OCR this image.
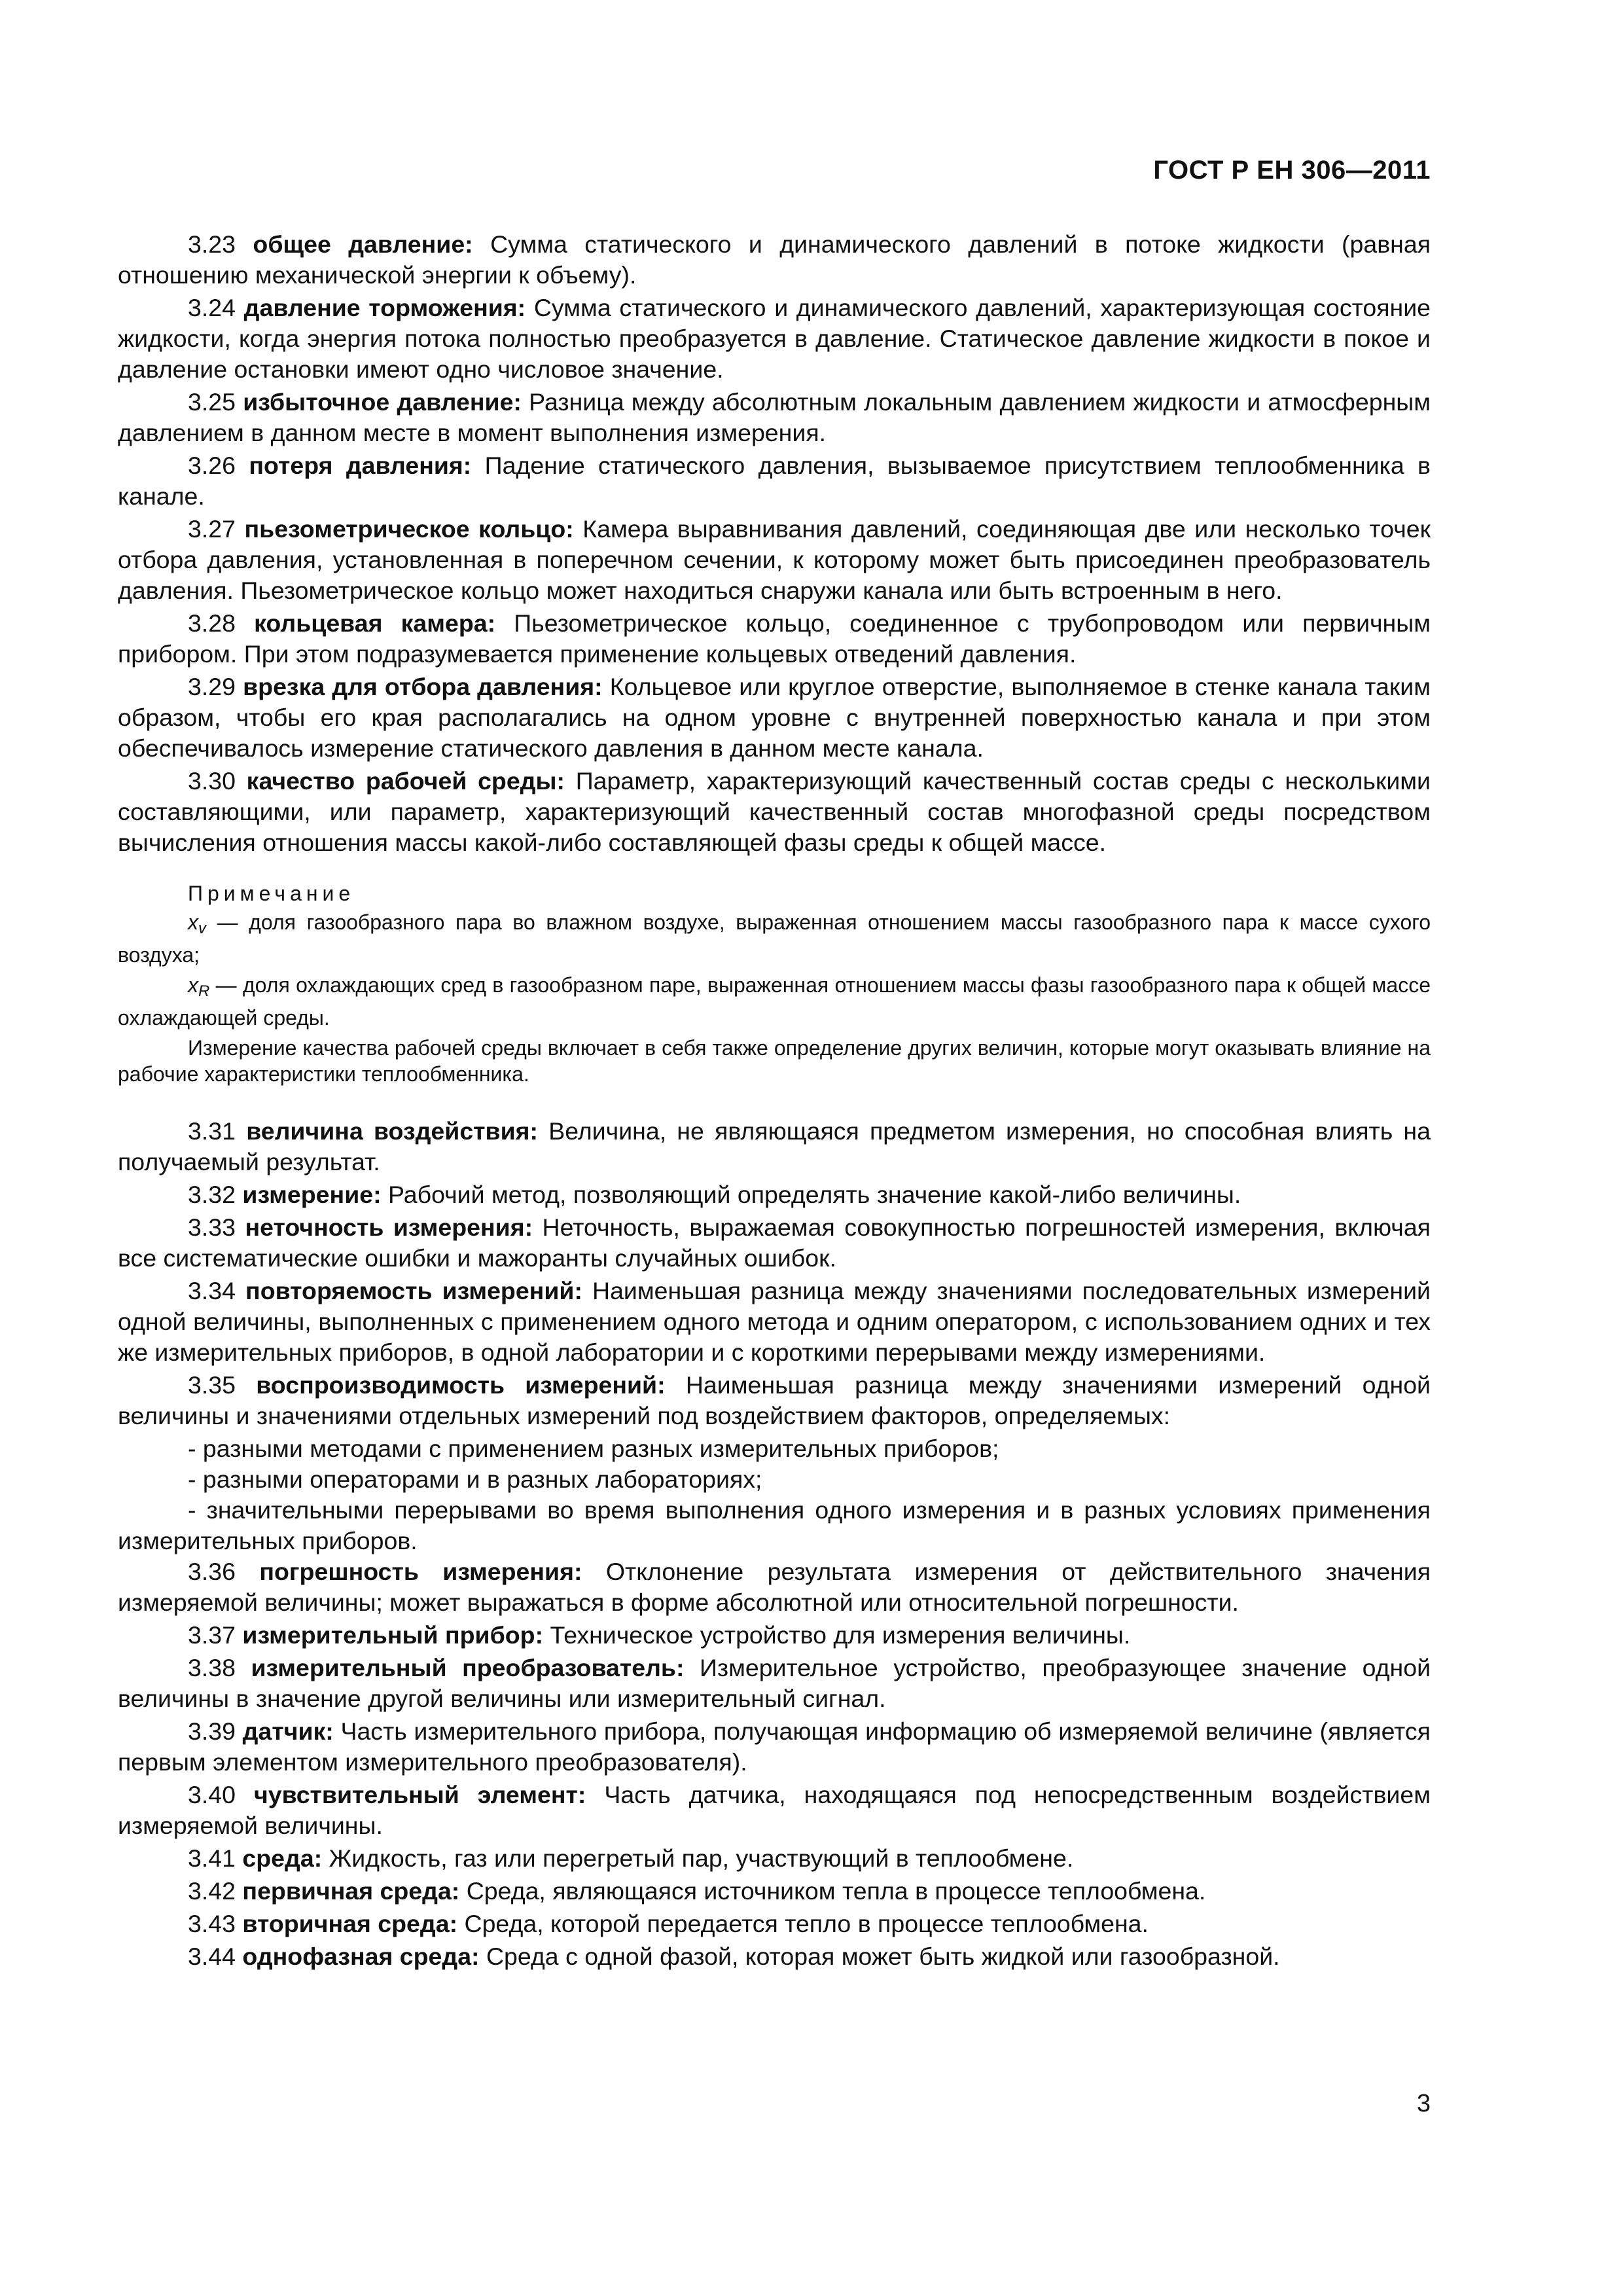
ГОСТ Р ЕН 306—2011

3.23 общее давление: Сумма статического и динамического давлений в потоке жидкости (равная отношению механической энергии к объему).

3.24 давление торможения: Сумма статического и динамического давлений, характеризующая состояние жидкости, когда энергия потока полностью преобразуется в давление. Статическое давление жидкости в покое и давление остановки имеют одно числовое значение.

3.25 избыточное давление: Разница между абсолютным локальным давлением жидкости и атмосферным давлением в данном месте в момент выполнения измерения.

3.26 потеря давления: Падение статического давления, вызываемое присутствием теплообменника в канале.

3.27 пьезометрическое кольцо: Камера выравнивания давлений, соединяющая две или несколько точек отбора давления, установленная в поперечном сечении, к которому может быть присоединен преобразователь давления. Пьезометрическое кольцо может находиться снаружи канала или быть встроенным в него.

3.28 кольцевая камера: Пьезометрическое кольцо, соединенное с трубопроводом или первичным прибором. При этом подразумевается применение кольцевых отведений давления.

3.29 врезка для отбора давления: Кольцевое или круглое отверстие, выполняемое в стенке канала таким образом, чтобы его края располагались на одном уровне с внутренней поверхностью канала и при этом обеспечивалось измерение статического давления в данном месте канала.

3.30 качество рабочей среды: Параметр, характеризующий качественный состав среды с несколькими составляющими, или параметр, характеризующий качественный состав многофазной среды посредством вычисления отношения массы какой-либо составляющей фазы среды к общей массе.

Примечание

$x_v$ — доля газообразного пара во влажном воздухе, выраженная отношением массы газообразного пара к массе сухого воздуха;

$x_R$ — доля охлаждающих сред в газообразном паре, выраженная отношением массы фазы газообразного пара к общей массе охлаждающей среды.

Измерение качества рабочей среды включает в себя также определение других величин, которые могут оказывать влияние на рабочие характеристики теплообменника.

3.31 величина воздействия: Величина, не являющаяся предметом измерения, но способная влиять на получаемый результат.

3.32 измерение: Рабочий метод, позволяющий определять значение какой-либо величины.

3.33 неточность измерения: Неточность, выражаемая совокупностью погрешностей измерения, включая все систематические ошибки и мажоранты случайных ошибок.

3.34 повторяемость измерений: Наименьшая разница между значениями последовательных измерений одной величины, выполненных с применением одного метода и одним оператором, с использованием одних и тех же измерительных приборов, в одной лаборатории и с короткими перерывами между измерениями.

3.35 воспроизводимость измерений: Наименьшая разница между значениями измерений одной величины и значениями отдельных измерений под воздействием факторов, определяемых:

- разными методами с применением разных измерительных приборов;

- разными операторами и в разных лабораториях;

- значительными перерывами во время выполнения одного измерения и в разных условиях применения измерительных приборов.

3.36 погрешность измерения: Отклонение результата измерения от действительного значения измеряемой величины; может выражаться в форме абсолютной или относительной погрешности.

3.37 измерительный прибор: Техническое устройство для измерения величины.

3.38 измерительный преобразователь: Измерительное устройство, преобразующее значение одной величины в значение другой величины или измерительный сигнал.

3.39 датчик: Часть измерительного прибора, получающая информацию об измеряемой величине (является первым элементом измерительного преобразователя).

3.40 чувствительный элемент: Часть датчика, находящаяся под непосредственным воздействием измеряемой величины.

3.41 среда: Жидкость, газ или перегретый пар, участвующий в теплообмене.

3.42 первичная среда: Среда, являющаяся источником тепла в процессе теплообмена.

3.43 вторичная среда: Среда, которой передается тепло в процессе теплообмена.

3.44 однофазная среда: Среда с одной фазой, которая может быть жидкой или газообразной.

3
